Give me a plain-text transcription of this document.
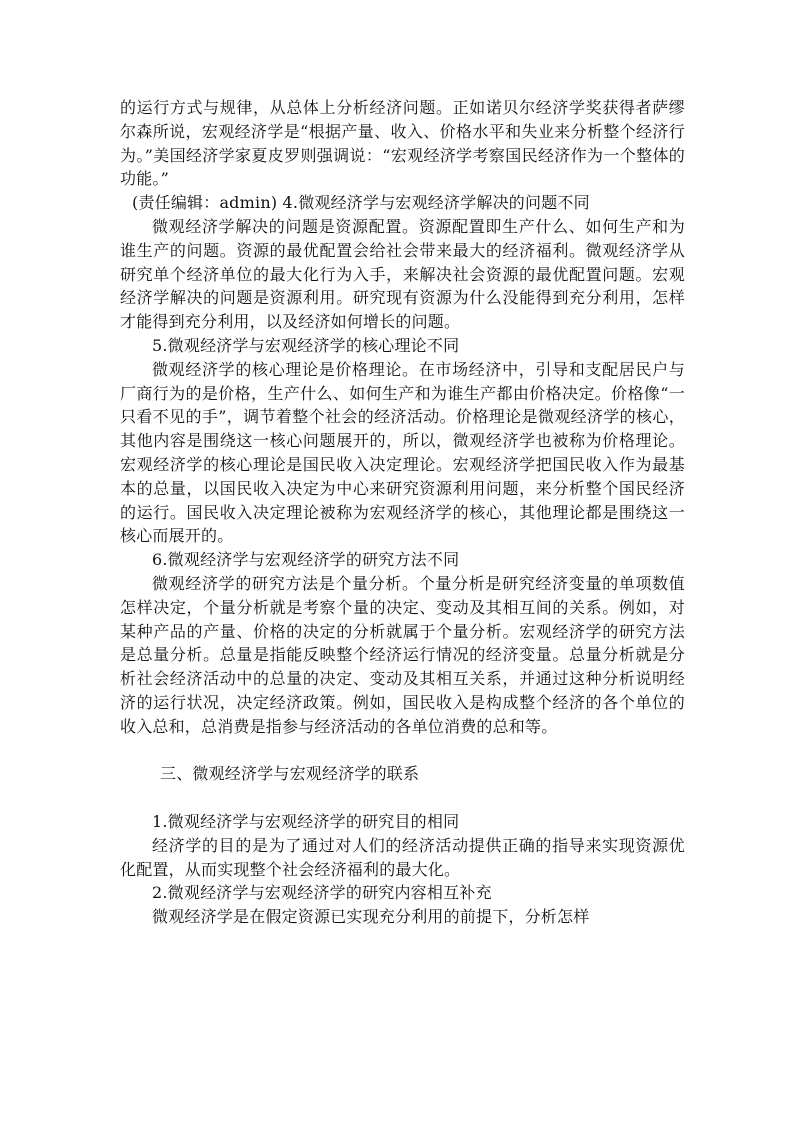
的运行方式与规律，从总体上分析经济问题。正如诺贝尔经济学奖获得者萨缪尔森所说，宏观经济学是“根据产量、收入、价格水平和失业来分析整个经济行为。”美国经济学家夏皮罗则强调说：“宏观经济学考察国民经济作为一个整体的功能。”

(责任编辑：admin) 4.微观经济学与宏观经济学解决的问题不同

微观经济学解决的问题是资源配置。资源配置即生产什么、如何生产和为谁生产的问题。资源的最优配置会给社会带来最大的经济福利。微观经济学从研究单个经济单位的最大化行为入手，来解决社会资源的最优配置问题。宏观经济学解决的问题是资源利用。研究现有资源为什么没能得到充分利用，怎样才能得到充分利用，以及经济如何增长的问题。

5.微观经济学与宏观经济学的核心理论不同

微观经济学的核心理论是价格理论。在市场经济中，引导和支配居民户与厂商行为的是价格，生产什么、如何生产和为谁生产都由价格决定。价格像“一只看不见的手”，调节着整个社会的经济活动。价格理论是微观经济学的核心，其他内容是围绕这一核心问题展开的，所以，微观经济学也被称为价格理论。宏观经济学的核心理论是国民收入决定理论。宏观经济学把国民收入作为最基本的总量，以国民收入决定为中心来研究资源利用问题，来分析整个国民经济的运行。国民收入决定理论被称为宏观经济学的核心，其他理论都是围绕这一核心而展开的。

6.微观经济学与宏观经济学的研究方法不同

微观经济学的研究方法是个量分析。个量分析是研究经济变量的单项数值怎样决定，个量分析就是考察个量的决定、变动及其相互间的关系。例如，对某种产品的产量、价格的决定的分析就属于个量分析。宏观经济学的研究方法是总量分析。总量是指能反映整个经济运行情况的经济变量。总量分析就是分析社会经济活动中的总量的决定、变动及其相互关系，并通过这种分析说明经济的运行状况，决定经济政策。例如，国民收入是构成整个经济的各个单位的收入总和，总消费是指参与经济活动的各单位消费的总和等。

三、微观经济学与宏观经济学的联系

1.微观经济学与宏观经济学的研究目的相同

经济学的目的是为了通过对人们的经济活动提供正确的指导来实现资源优化配置，从而实现整个社会经济福利的最大化。

2.微观经济学与宏观经济学的研究内容相互补充

微观经济学是在假定资源已实现充分利用的前提下，分析怎样
